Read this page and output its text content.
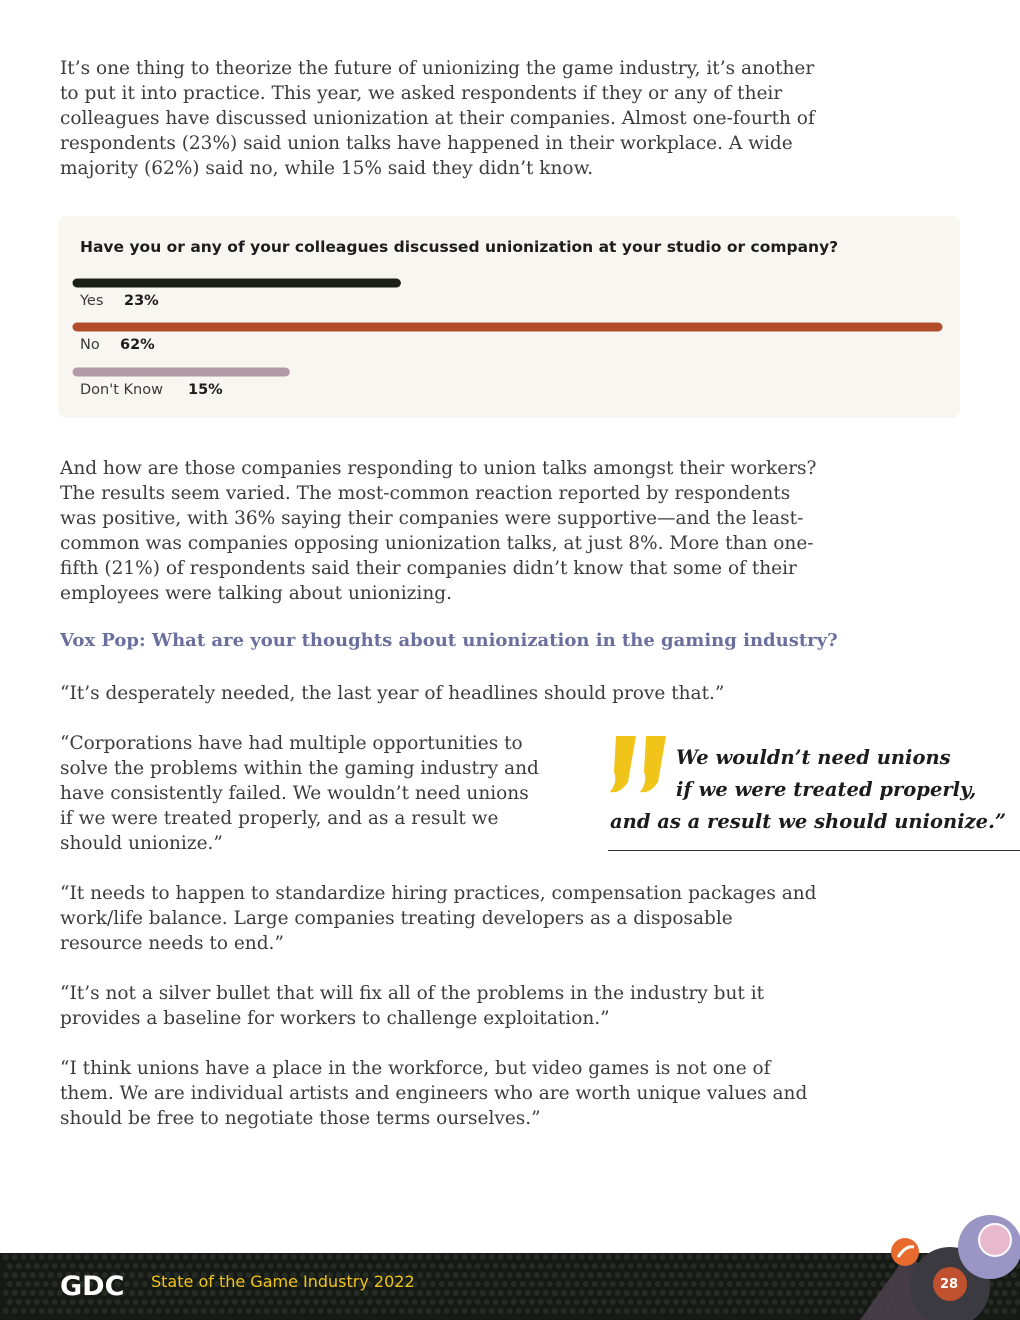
It’s one thing to theorize the future of unionizing the game industry, it’s another to put it into practice. This year, we asked respondents if they or any of their colleagues have discussed unionization at their companies. Almost one-fourth of respondents (23%) said union talks have happened in their workplace. A wide majority (62%) said no, while 15% said they didn’t know.

Have you or any of your colleagues discussed unionization at your studio or company?

Yes 23%
No 62%
Don't Know 15%

And how are those companies responding to union talks amongst their workers? The results seem varied. The most-common reaction reported by respondents was positive, with 36% saying their companies were supportive—and the least-common was companies opposing unionization talks, at just 8%. More than one-fifth (21%) of respondents said their companies didn’t know that some of their employees were talking about unionizing.

Vox Pop: What are your thoughts about unionization in the gaming industry?

“It’s desperately needed, the last year of headlines should prove that.”

“Corporations have had multiple opportunities to solve the problems within the gaming industry and have consistently failed. We wouldn’t need unions if we were treated properly, and as a result we should unionize.”

“It needs to happen to standardize hiring practices, compensation packages and work/life balance. Large companies treating developers as a disposable resource needs to end.”

“It’s not a silver bullet that will fix all of the problems in the industry but it provides a baseline for workers to challenge exploitation.”

“I think unions have a place in the workforce, but video games is not one of them. We are individual artists and engineers who are worth unique values and should be free to negotiate those terms ourselves.”

We wouldn’t need unions
if we were treated properly,
and as a result we should unionize.”

GDC State of the Game Industry 2022	28
